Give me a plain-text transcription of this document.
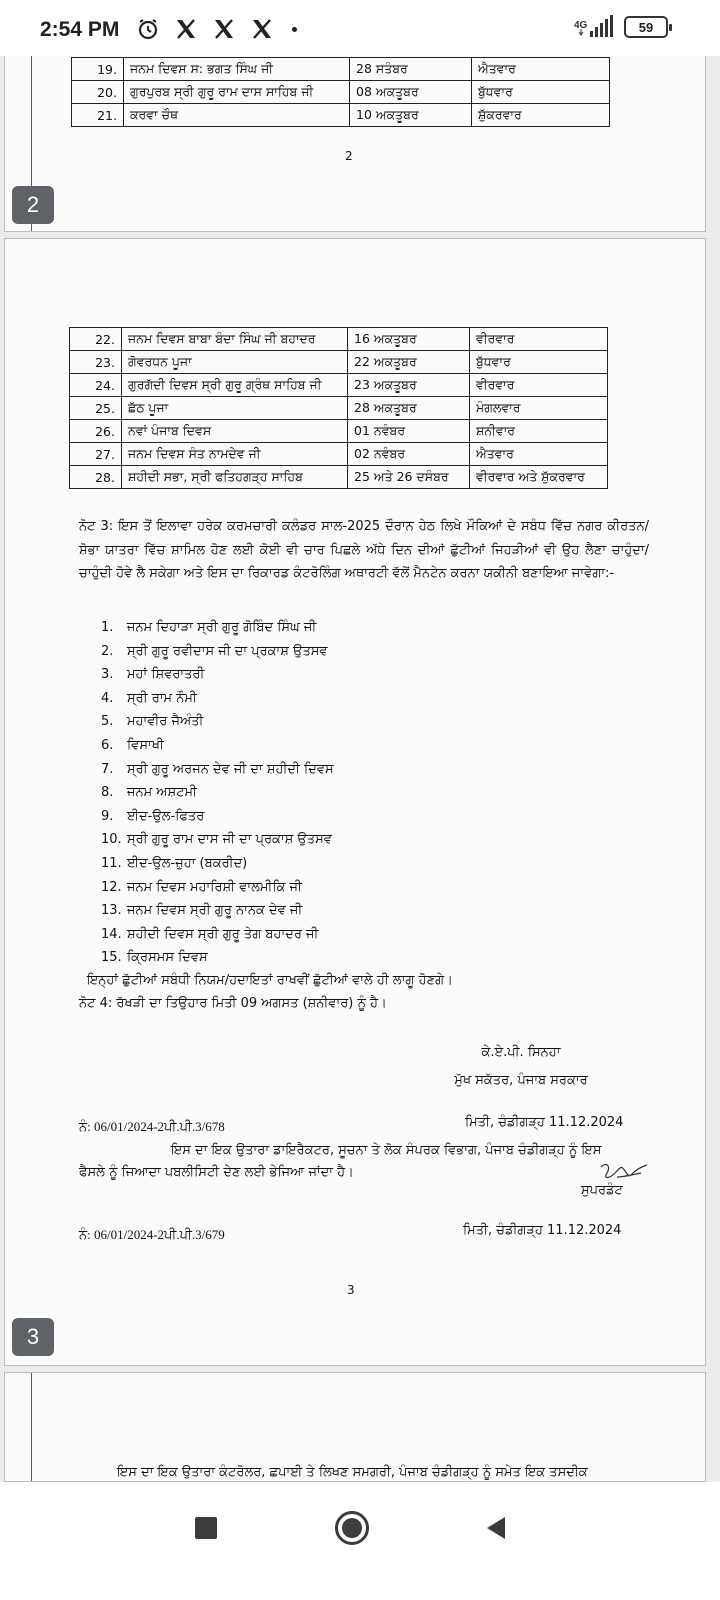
2:54 PM	4G	59
19.	ਜਨਮ ਦਿਵਸ ਸ: ਭਗਤ ਸਿੰਘ ਜੀ	28 ਸਤੰਬਰ	ਐਤਵਾਰ
20.	ਗੁਰਪੁਰਬ ਸ੍ਰੀ ਗੁਰੂ ਰਾਮ ਦਾਸ ਸਾਹਿਬ ਜੀ	08 ਅਕਤੂਬਰ	ਬੁੱਧਵਾਰ
21.	ਕਰਵਾ ਚੌਥ	10 ਅਕਤੂਬਰ	ਸ਼ੁੱਕਰਵਾਰ
2
2
22.	ਜਨਮ ਦਿਵਸ ਬਾਬਾ ਬੰਦਾ ਸਿੰਘ ਜੀ ਬਹਾਦਰ	16 ਅਕਤੂਬਰ	ਵੀਰਵਾਰ
23.	ਗੋਵਰਧਨ ਪੂਜਾ	22 ਅਕਤੂਬਰ	ਬੁੱਧਵਾਰ
24.	ਗੁਰਗੱਦੀ ਦਿਵਸ ਸ੍ਰੀ ਗੁਰੂ ਗ੍ਰੰਥ ਸਾਹਿਬ ਜੀ	23 ਅਕਤੂਬਰ	ਵੀਰਵਾਰ
25.	ਛੱਠ ਪੂਜਾ	28 ਅਕਤੂਬਰ	ਮੰਗਲਵਾਰ
26.	ਨਵਾਂ ਪੰਜਾਬ ਦਿਵਸ	01 ਨਵੰਬਰ	ਸ਼ਨੀਵਾਰ
27.	ਜਨਮ ਦਿਵਸ ਸੰਤ ਨਾਮਦੇਵ ਜੀ	02 ਨਵੰਬਰ	ਐਤਵਾਰ
28.	ਸ਼ਹੀਦੀ ਸਭਾ, ਸ੍ਰੀ ਫਤਿਹਗੜ੍ਹ ਸਾਹਿਬ	25 ਅਤੇ 26 ਦਸੰਬਰ	ਵੀਰਵਾਰ ਅਤੇ ਸ਼ੁੱਕਰਵਾਰ
ਨੋਟ 3: ਇਸ ਤੋਂ ਇਲਾਵਾ ਹਰੇਕ ਕਰਮਚਾਰੀ ਕਲੰਡਰ ਸਾਲ-2025 ਦੌਰਾਨ ਹੇਠ ਲਿਖੇ ਮੌਕਿਆਂ ਦੇ ਸਬੰਧ ਵਿੱਚ ਨਗਰ ਕੀਰਤਨ/ਸ਼ੋਭਾ ਯਾਤਰਾ ਵਿੱਚ ਸ਼ਾਮਿਲ ਹੋਣ ਲਈ ਕੋਈ ਵੀ ਚਾਰ ਪਿਛਲੇ ਅੱਧੇ ਦਿਨ ਦੀਆਂ ਛੁੱਟੀਆਂ ਜਿਹੜੀਆਂ ਵੀ ਉਹ ਲੈਣਾ ਚਾਹੁੰਦਾ/ਚਾਹੁੰਦੀ ਹੋਵੇ ਲੈ ਸਕੇਗਾ ਅਤੇ ਇਸ ਦਾ ਰਿਕਾਰਡ ਕੰਟਰੋਲਿੰਗ ਅਥਾਰਟੀ ਵੱਲੋਂ ਮੈਨਟੇਨ ਕਰਨਾ ਯਕੀਨੀ ਬਣਾਇਆ ਜਾਵੇਗਾ:-
1. ਜਨਮ ਦਿਹਾੜਾ ਸ੍ਰੀ ਗੁਰੂ ਗੋਬਿੰਦ ਸਿੰਘ ਜੀ
2. ਸ੍ਰੀ ਗੁਰੂ ਰਵੀਦਾਸ ਜੀ ਦਾ ਪ੍ਰਕਾਸ਼ ਉਤਸਵ
3. ਮਹਾਂ ਸ਼ਿਵਰਾਤਰੀ
4. ਸ੍ਰੀ ਰਾਮ ਨੌਮੀ
5. ਮਹਾਵੀਰ ਜੈਅੰਤੀ
6. ਵਿਸਾਖੀ
7. ਸ੍ਰੀ ਗੁਰੂ ਅਰਜਨ ਦੇਵ ਜੀ ਦਾ ਸ਼ਹੀਦੀ ਦਿਵਸ
8. ਜਨਮ ਅਸ਼ਟਮੀ
9. ਈਦ-ਉਲ-ਫਿਤਰ
10. ਸ੍ਰੀ ਗੁਰੂ ਰਾਮ ਦਾਸ ਜੀ ਦਾ ਪ੍ਰਕਾਸ਼ ਉਤਸਵ
11. ਈਦ-ਉਲ-ਜ਼ੁਹਾ (ਬਕਰੀਦ)
12. ਜਨਮ ਦਿਵਸ ਮਹਾਰਿਸ਼ੀ ਵਾਲਮੀਕਿ ਜੀ
13. ਜਨਮ ਦਿਵਸ ਸ੍ਰੀ ਗੁਰੂ ਨਾਨਕ ਦੇਵ ਜੀ
14. ਸ਼ਹੀਦੀ ਦਿਵਸ ਸ੍ਰੀ ਗੁਰੂ ਤੇਗ ਬਹਾਦਰ ਜੀ
15. ਕ੍ਰਿਸਮਸ ਦਿਵਸ
ਇਨ੍ਹਾਂ ਛੁੱਟੀਆਂ ਸਬੰਧੀ ਨਿਯਮ/ਹਦਾਇਤਾਂ ਰਾਖਵੀਂ ਛੁੱਟੀਆਂ ਵਾਲੇ ਹੀ ਲਾਗੂ ਹੋਣਗੇ।
ਨੋਟ 4: ਰੱਖੜੀ ਦਾ ਤਿਉਹਾਰ ਮਿਤੀ 09 ਅਗਸਤ (ਸ਼ਨੀਵਾਰ) ਨੂੰ ਹੈ।
ਕੇ.ਏ.ਪੀ. ਸਿਨਹਾ
ਮੁੱਖ ਸਕੱਤਰ, ਪੰਜਾਬ ਸਰਕਾਰ
ਨੰ: 06/01/2024-2ਪੀ.ਪੀ.3/678	ਮਿਤੀ, ਚੰਡੀਗੜ੍ਹ 11.12.2024
ਇਸ ਦਾ ਇਕ ਉਤਾਰਾ ਡਾਇਰੈਕਟਰ, ਸੂਚਨਾ ਤੇ ਲੋਕ ਸੰਪਰਕ ਵਿਭਾਗ, ਪੰਜਾਬ ਚੰਡੀਗੜ੍ਹ ਨੂੰ ਇਸ
ਫੈਸਲੇ ਨੂੰ ਜਿਆਦਾ ਪਬਲੀਸਿਟੀ ਦੇਣ ਲਈ ਭੇਜਿਆ ਜਾਂਦਾ ਹੈ।
ਸੁਪਰਡੰਟ
ਨੰ: 06/01/2024-2ਪੀ.ਪੀ.3/679	ਮਿਤੀ, ਚੰਡੀਗੜ੍ਹ 11.12.2024
3
3
ਇਸ ਦਾ ਇਕ ਉਤਾਰਾ ਕੰਟਰੋਲਰ, ਛਪਾਈ ਤੇ ਲਿਖਣ ਸਮਗਰੀ, ਪੰਜਾਬ ਚੰਡੀਗੜ੍ਹ ਨੂੰ ਸਮੇਤ ਇਕ ਤਸਦੀਕ
